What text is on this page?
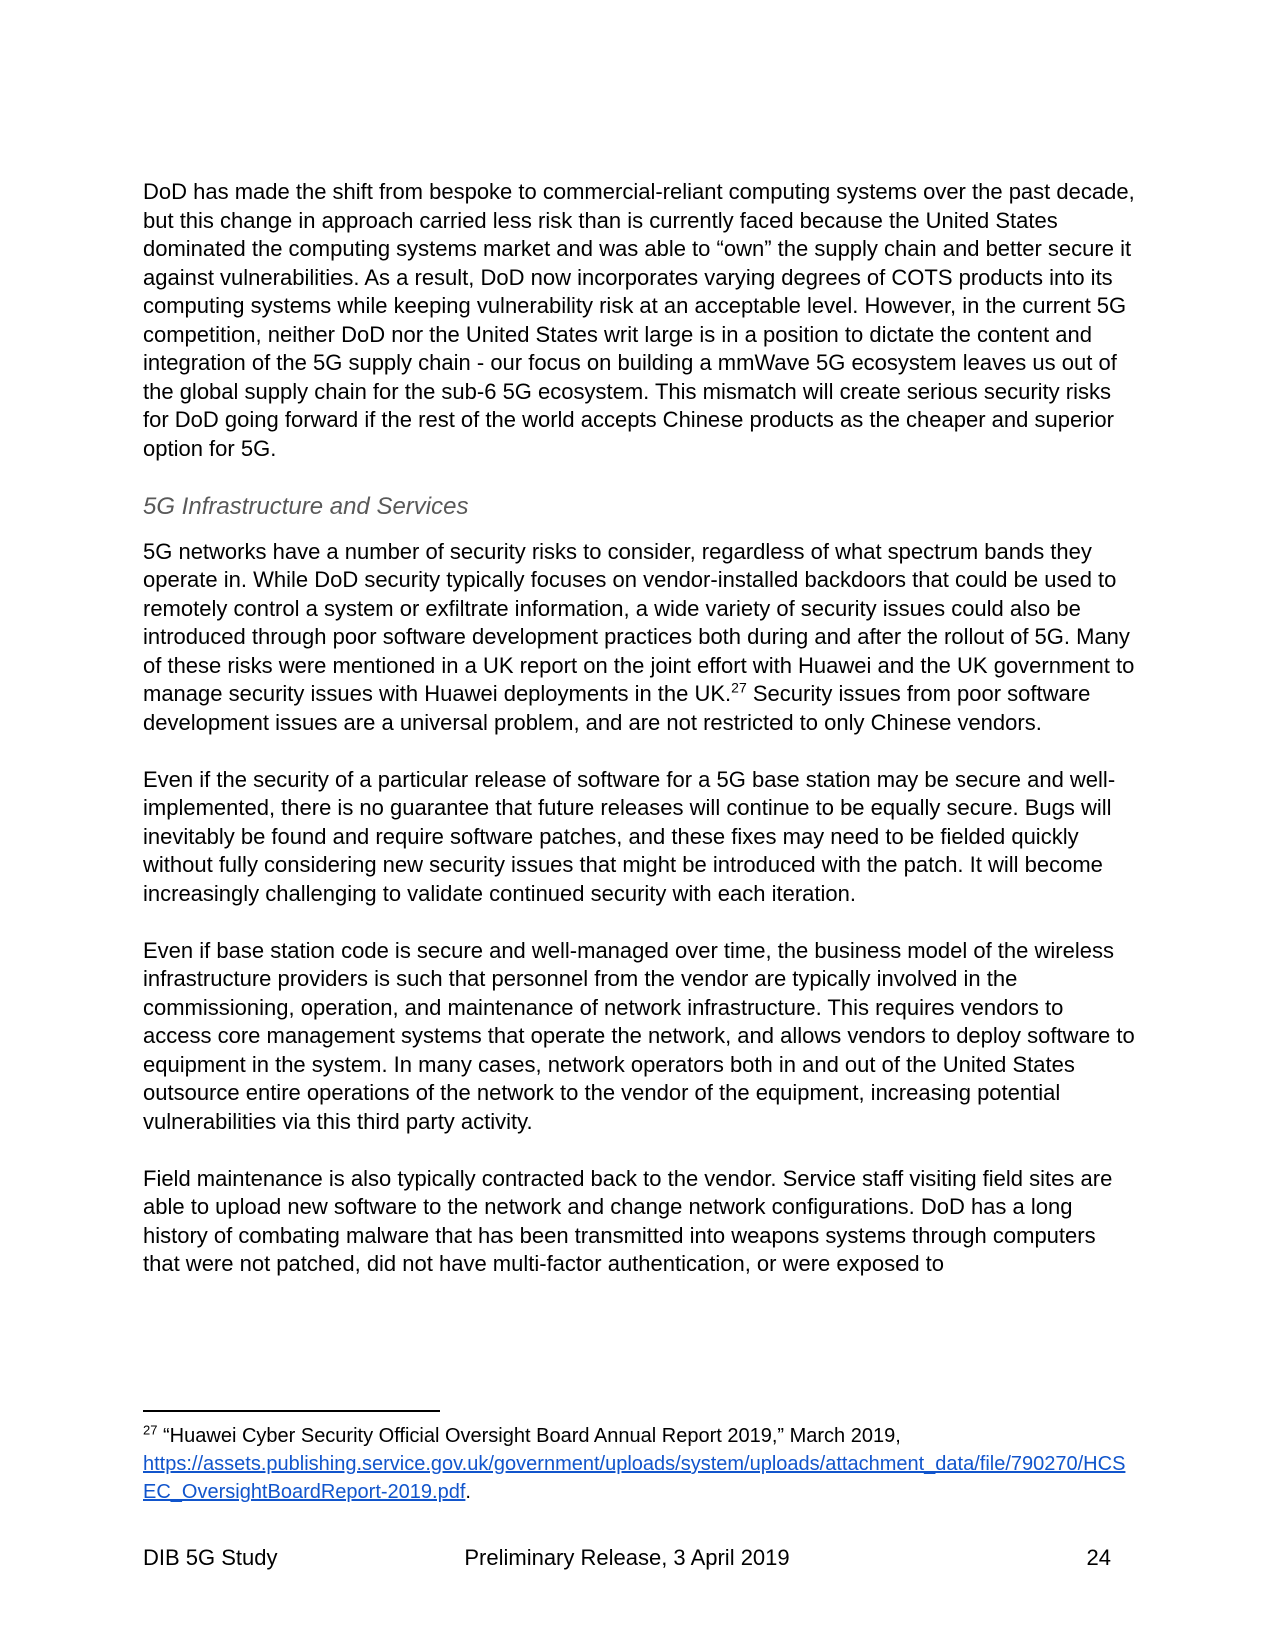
DoD has made the shift from bespoke to commercial-reliant computing systems over the past decade, but this change in approach carried less risk than is currently faced because the United States dominated the computing systems market and was able to “own” the supply chain and better secure it against vulnerabilities. As a result, DoD now incorporates varying degrees of COTS products into its computing systems while keeping vulnerability risk at an acceptable level. However, in the current 5G competition, neither DoD nor the United States writ large is in a position to dictate the content and integration of the 5G supply chain - our focus on building a mmWave 5G ecosystem leaves us out of the global supply chain for the sub-6 5G ecosystem. This mismatch will create serious security risks for DoD going forward if the rest of the world accepts Chinese products as the cheaper and superior option for 5G.

5G Infrastructure and Services

5G networks have a number of security risks to consider, regardless of what spectrum bands they operate in. While DoD security typically focuses on vendor-installed backdoors that could be used to remotely control a system or exfiltrate information, a wide variety of security issues could also be introduced through poor software development practices both during and after the rollout of 5G. Many of these risks were mentioned in a UK report on the joint effort with Huawei and the UK government to manage security issues with Huawei deployments in the UK.$^{27}$ Security issues from poor software development issues are a universal problem, and are not restricted to only Chinese vendors.

Even if the security of a particular release of software for a 5G base station may be secure and well-implemented, there is no guarantee that future releases will continue to be equally secure. Bugs will inevitably be found and require software patches, and these fixes may need to be fielded quickly without fully considering new security issues that might be introduced with the patch. It will become increasingly challenging to validate continued security with each iteration.

Even if base station code is secure and well-managed over time, the business model of the wireless infrastructure providers is such that personnel from the vendor are typically involved in the commissioning, operation, and maintenance of network infrastructure. This requires vendors to access core management systems that operate the network, and allows vendors to deploy software to equipment in the system. In many cases, network operators both in and out of the United States outsource entire operations of the network to the vendor of the equipment, increasing potential vulnerabilities via this third party activity.

Field maintenance is also typically contracted back to the vendor. Service staff visiting field sites are able to upload new software to the network and change network configurations. DoD has a long history of combating malware that has been transmitted into weapons systems through computers that were not patched, did not have multi-factor authentication, or were exposed to

$^{27}$ “Huawei Cyber Security Official Oversight Board Annual Report 2019,” March 2019, https://assets.publishing.service.gov.uk/government/uploads/system/uploads/attachment_data/file/790270/HCSEC_OversightBoardReport-2019.pdf.
DIB 5G Study	Preliminary Release, 3 April 2019	24
